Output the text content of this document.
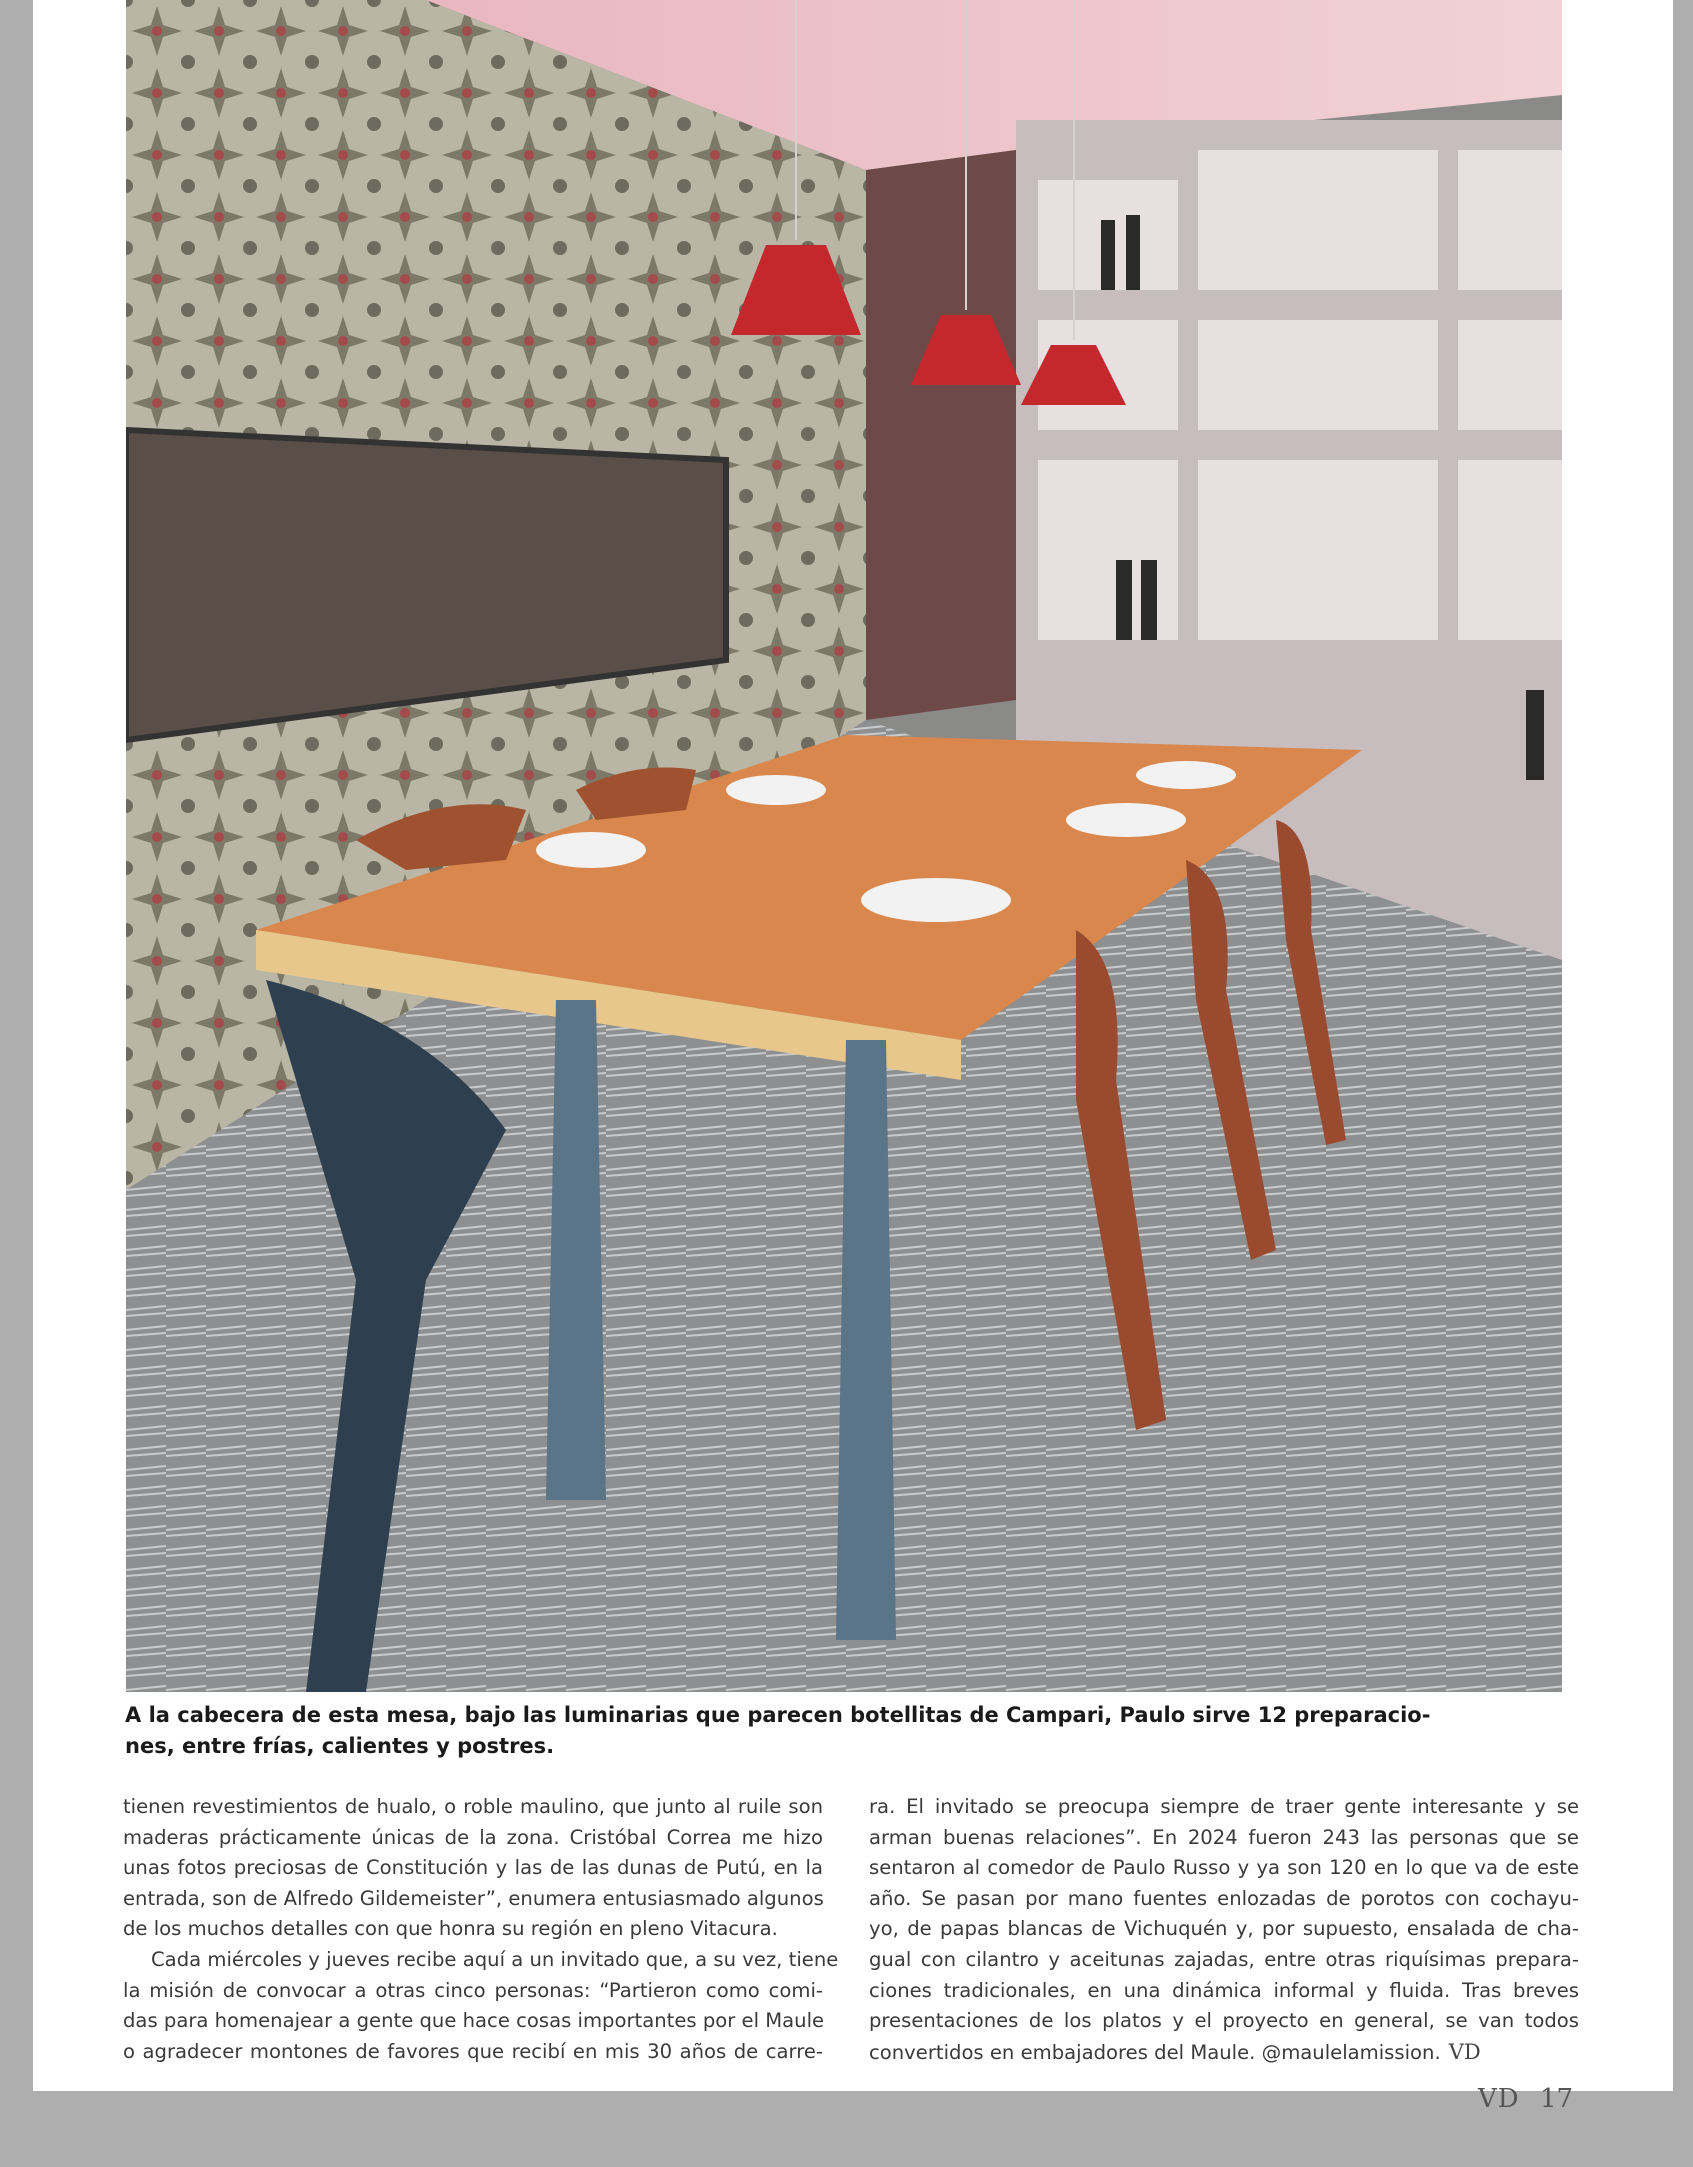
A la cabecera de esta mesa, bajo las luminarias que parecen botellitas de Campari, Paulo sirve 12 preparacio-
nes, entre frías, calientes y postres.
tienen revestimientos de hualo, o roble maulino, que junto al ruile son
maderas prácticamente únicas de la zona. Cristóbal Correa me hizo
unas fotos preciosas de Constitución y las de las dunas de Putú, en la
entrada, son de Alfredo Gildemeister”, enumera entusiasmado algunos
de los muchos detalles con que honra su región en pleno Vitacura.
Cada miércoles y jueves recibe aquí a un invitado que, a su vez, tiene
la misión de convocar a otras cinco personas: “Partieron como comi-
das para homenajear a gente que hace cosas importantes por el Maule
o agradecer montones de favores que recibí en mis 30 años de carre-
ra. El invitado se preocupa siempre de traer gente interesante y se
arman buenas relaciones”. En 2024 fueron 243 las personas que se
sentaron al comedor de Paulo Russo y ya son 120 en lo que va de este
año. Se pasan por mano fuentes enlozadas de porotos con cochayu-
yo, de papas blancas de Vichuquén y, por supuesto, ensalada de cha-
gual con cilantro y aceitunas zajadas, entre otras riquísimas prepara-
ciones tradicionales, en una dinámica informal y fluida. Tras breves
presentaciones de los platos y el proyecto en general, se van todos
convertidos en embajadores del Maule. @maulelamission. VD
VD 17
